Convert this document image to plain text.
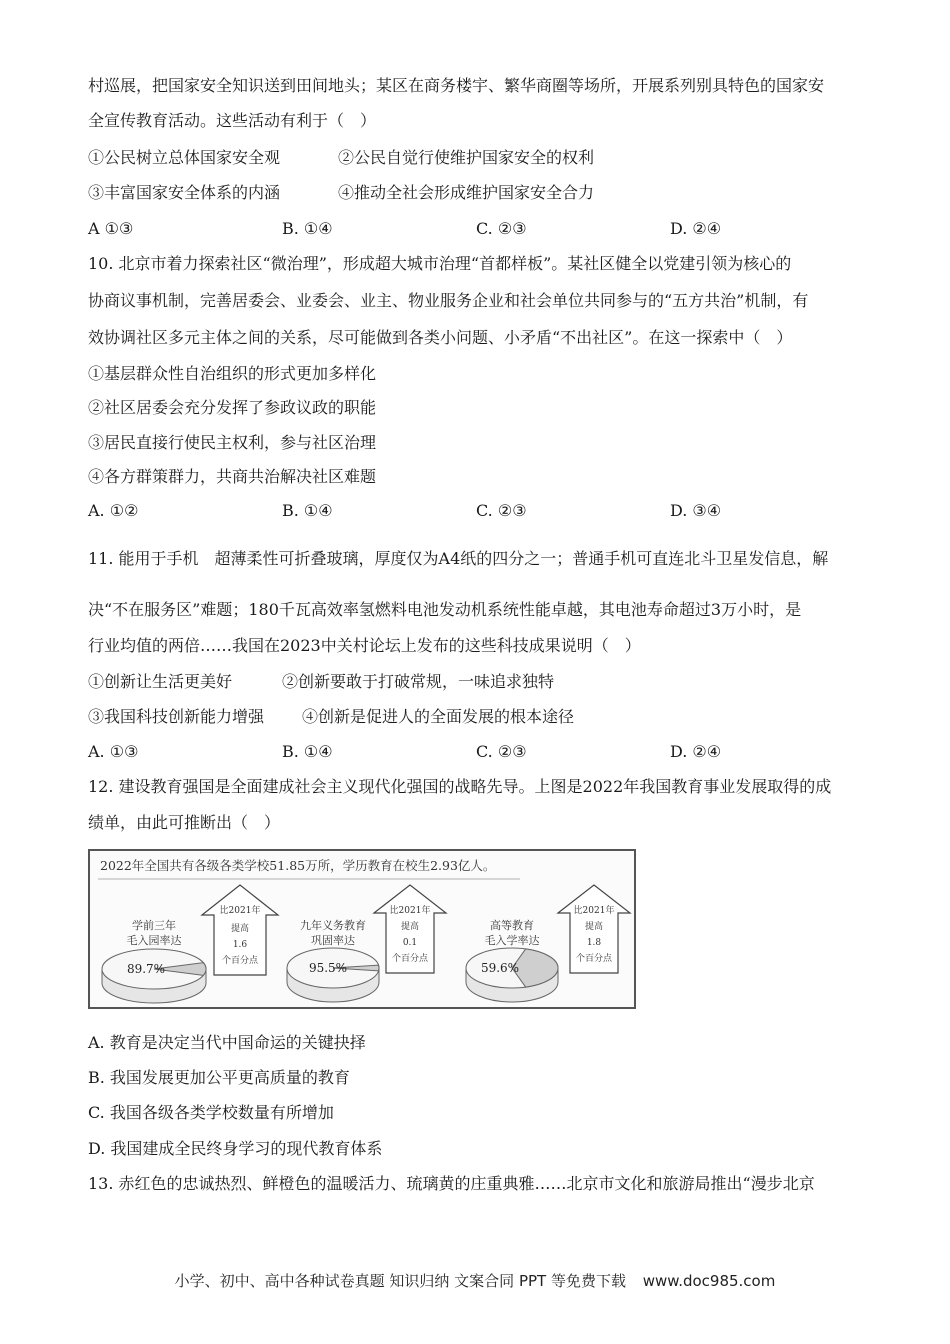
村巡展，把国家安全知识送到田间地头；某区在商务楼宇、繁华商圈等场所，开展系列别具特色的国家安
全宣传教育活动。这些活动有利于（　）
①公民树立总体国家安全观	②公民自觉行使维护国家安全的权利
③丰富国家安全体系的内涵	④推动全社会形成维护国家安全合力
A ①③	B. ①④	C. ②③	D. ②④
10. 北京市着力探索社区“微治理”，形成超大城市治理“首都样板”。某社区健全以党建引领为核心的
协商议事机制，完善居委会、业委会、业主、物业服务企业和社会单位共同参与的“五方共治”机制，有
效协调社区多元主体之间的关系，尽可能做到各类小问题、小矛盾“不出社区”。在这一探索中（　）
①基层群众性自治组织的形式更加多样化
②社区居委会充分发挥了参政议政的职能
③居民直接行使民主权利，参与社区治理
④各方群策群力，共商共治解决社区难题
A. ①②	B. ①④	C. ②③	D. ③④
11. 能用于手机　超薄柔性可折叠玻璃，厚度仅为A4纸的四分之一；普通手机可直连北斗卫星发信息，解
决“不在服务区”难题；180千瓦高效率氢燃料电池发动机系统性能卓越，其电池寿命超过3万小时，是
行业均值的两倍……我国在2023中关村论坛上发布的这些科技成果说明（　）
①创新让生活更美好	②创新要敢于打破常规，一味追求独特
③我国科技创新能力增强 ④创新是促进人的全面发展的根本途径
A. ①③	B. ①④	C. ②③	D. ②④
12. 建设教育强国是全面建成社会主义现代化强国的战略先导。上图是2022年我国教育事业发展取得的成
绩单，由此可推断出（　）
2022年全国共有各级各类学校51.85万所，学历教育在校生2.93亿人。
学前三年
毛入园率达
89.7%
比2021年
提高
1.6
个百分点
九年义务教育
巩固率达
95.5%
比2021年
提高
0.1
个百分点
高等教育
毛入学率达
59.6%
比2021年
提高
1.8
个百分点
A. 教育是决定当代中国命运的关键抉择
B. 我国发展更加公平更高质量的教育
C. 我国各级各类学校数量有所增加
D. 我国建成全民终身学习的现代教育体系
13. 赤红色的忠诚热烈、鲜橙色的温暖活力、琉璃黄的庄重典雅……北京市文化和旅游局推出“漫步北京
小学、初中、高中各种试卷真题 知识归纳 文案合同 PPT 等免费下载 www.doc985.com
